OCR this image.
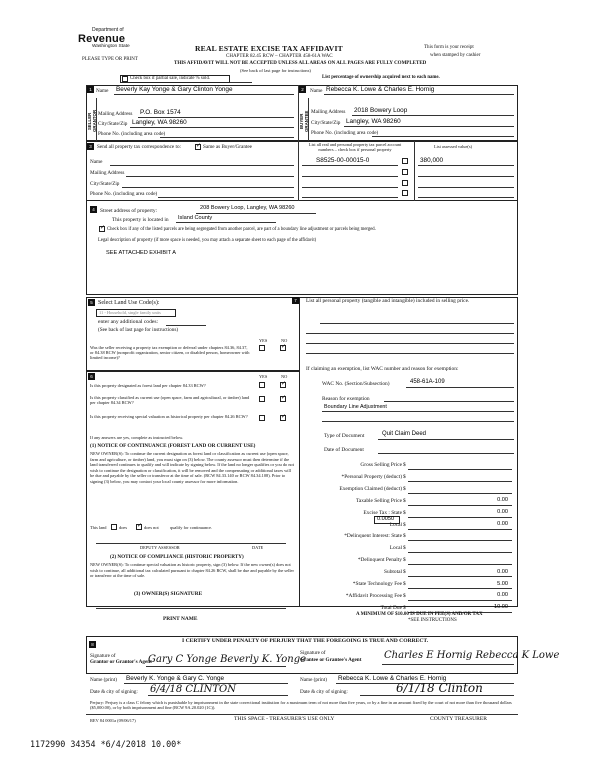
Department of
Revenue
Washington State
PLEASE TYPE OR PRINT
REAL ESTATE EXCISE TAX AFFIDAVIT
CHAPTER 82.45 RCW – CHAPTER 458-61A WAC
THIS AFFIDAVIT WILL NOT BE ACCEPTED UNLESS ALL AREAS ON ALL PAGES ARE FULLY COMPLETED
(See back of last page for instructions)
This form is your receipt
when stamped by cashier
Check box if partial sale, indicate % sold.	List percentage of ownership acquired next to each name.
1 Name Beverly Kay Yonge & Gary Clinton Yonge
SELLER GRANTOR Mailing Address P.O. Box 1574
City/State/Zip Langley, WA 98260
Phone No. (including area code)
2	Name Rebecca K. Lowe & Charles E. Hornig
BUYER GRANTEE Mailing Address 2018 Bowery Loop
City/State/Zip Langley, WA 98260
Phone No. (including area code)
3	Send all property tax correspondence to: ✓	Same as Buyer/Grantee
Name
Mailing Address
City/State/Zip
Phone No. (including area code)
List all real and personal property tax parcel account numbers – check box if personal property
List assessed value(s)
S8525-00-00015-0	380,000
4 Street address of property:	208 Bowery Loop, Langley, WA 98260
This property is located in Island County
✓
Check box if any of the listed parcels are being segregated from another parcel, are part of a boundary line adjustment or parcels being merged.
Legal description of property (if more space is needed, you may attach a separate sheet to each page of the affidavit)
SEE ATTACHED EXHIBIT A
5 Select Land Use Code(s):
11 - Household, single family units
enter any additional codes:
(See back of last page for instructions)
YES	NO
Was the seller receiving a property tax exemption or deferral under chapters 84.36, 84.37, or 84.38 RCW (nonprofit organization, senior citizen, or disabled person, homeowner with limited income)?
✓
6	YES	NO
Is this property designated as forest land per chapter 84.33 RCW?
✓
Is this property classified as current use (open space, farm and agricultural, or timber) land per chapter 84.34 RCW?
✓
Is this property receiving special valuation as historical property per chapter 84.26 RCW?
✓
If any answers are yes, complete as instructed below.
(1) NOTICE OF CONTINUANCE (FOREST LAND OR CURRENT USE)
NEW OWNER(S): To continue the current designation as forest land or classification as current use (open space, farm and agriculture, or timber) land, you must sign on (3) below. The county assessor must then determine if the land transferred continues to qualify and will indicate by signing below. If the land no longer qualifies or you do not wish to continue the designation or classification, it will be removed and the compensating or additional taxes will be due and payable by the seller or transferor at the time of sale. (RCW 84.33.140 or RCW 84.34.108). Prior to signing (3) below, you may contact your local county assessor for more information.
This land	does ✓	does not	qualify for continuance.
DEPUTY ASSESSOR	DATE
(2) NOTICE OF COMPLIANCE (HISTORIC PROPERTY)
NEW OWNER(S): To continue special valuation as historic property, sign (3) below. If the new owner(s) does not wish to continue, all additional tax calculated pursuant to chapter 84.26 RCW, shall be due and payable by the seller or transferor at the time of sale.
(3) OWNER(S) SIGNATURE
PRINT NAME
7	List all personal property (tangible and intangible) included in selling price.
If claiming an exemption, list WAC number and reason for exemption:
WAC No. (Section/Subsection)	458-61A-109
Reason for exemption
Boundary Line Adjustment
Type of Document	Quit Claim Deed
Date of Document
Gross Selling Price $
*Personal Property (deduct) $
Exemption Claimed (deduct) $
Taxable Selling Price $	0.00
Excise Tax : State $	0.00
Local $	0.00
*Delinquent Interest: State $
Local $
*Delinquent Penalty $
Subtotal $	0.00
*State Technology Fee $	5.00
*Affidavit Processing Fee $	0.00
Total Due $	10.00
0.0050
A MINIMUM OF $10.00 IS DUE IN FEE(S) AND/OR TAX
*SEE INSTRUCTIONS
8
I CERTIFY UNDER PENALTY OF PERJURY THAT THE FOREGOING IS TRUE AND CORRECT.
Signature of
Grantor or Grantor's Agent
Gary C Yonge Beverly K. Yonge
Signature of
Grantee or Grantee's Agent Charles E Hornig Rebecca K Lowe
Name (print) Beverly K. Yonge & Gary C. Yonge	Name (print) Rebecca K. Lowe & Charles E. Hornig
Date & city of signing: 6/4/18 CLINTON	Date & city of signing:	6/1/18 Clinton
Perjury: Perjury is a class C felony which is punishable by imprisonment in the state correctional institution for a maximum term of not more than five years, or by a fine in an amount fixed by the court of not more than five thousand dollars ($5,000.00), or by both imprisonment and fine (RCW 9A.20.020 (1C)).
REV 84 0001a (09/06/17)	THIS SPACE - TREASURER'S USE ONLY	COUNTY TREASURER
1172990 34354 *6/4/2018 10.00*
